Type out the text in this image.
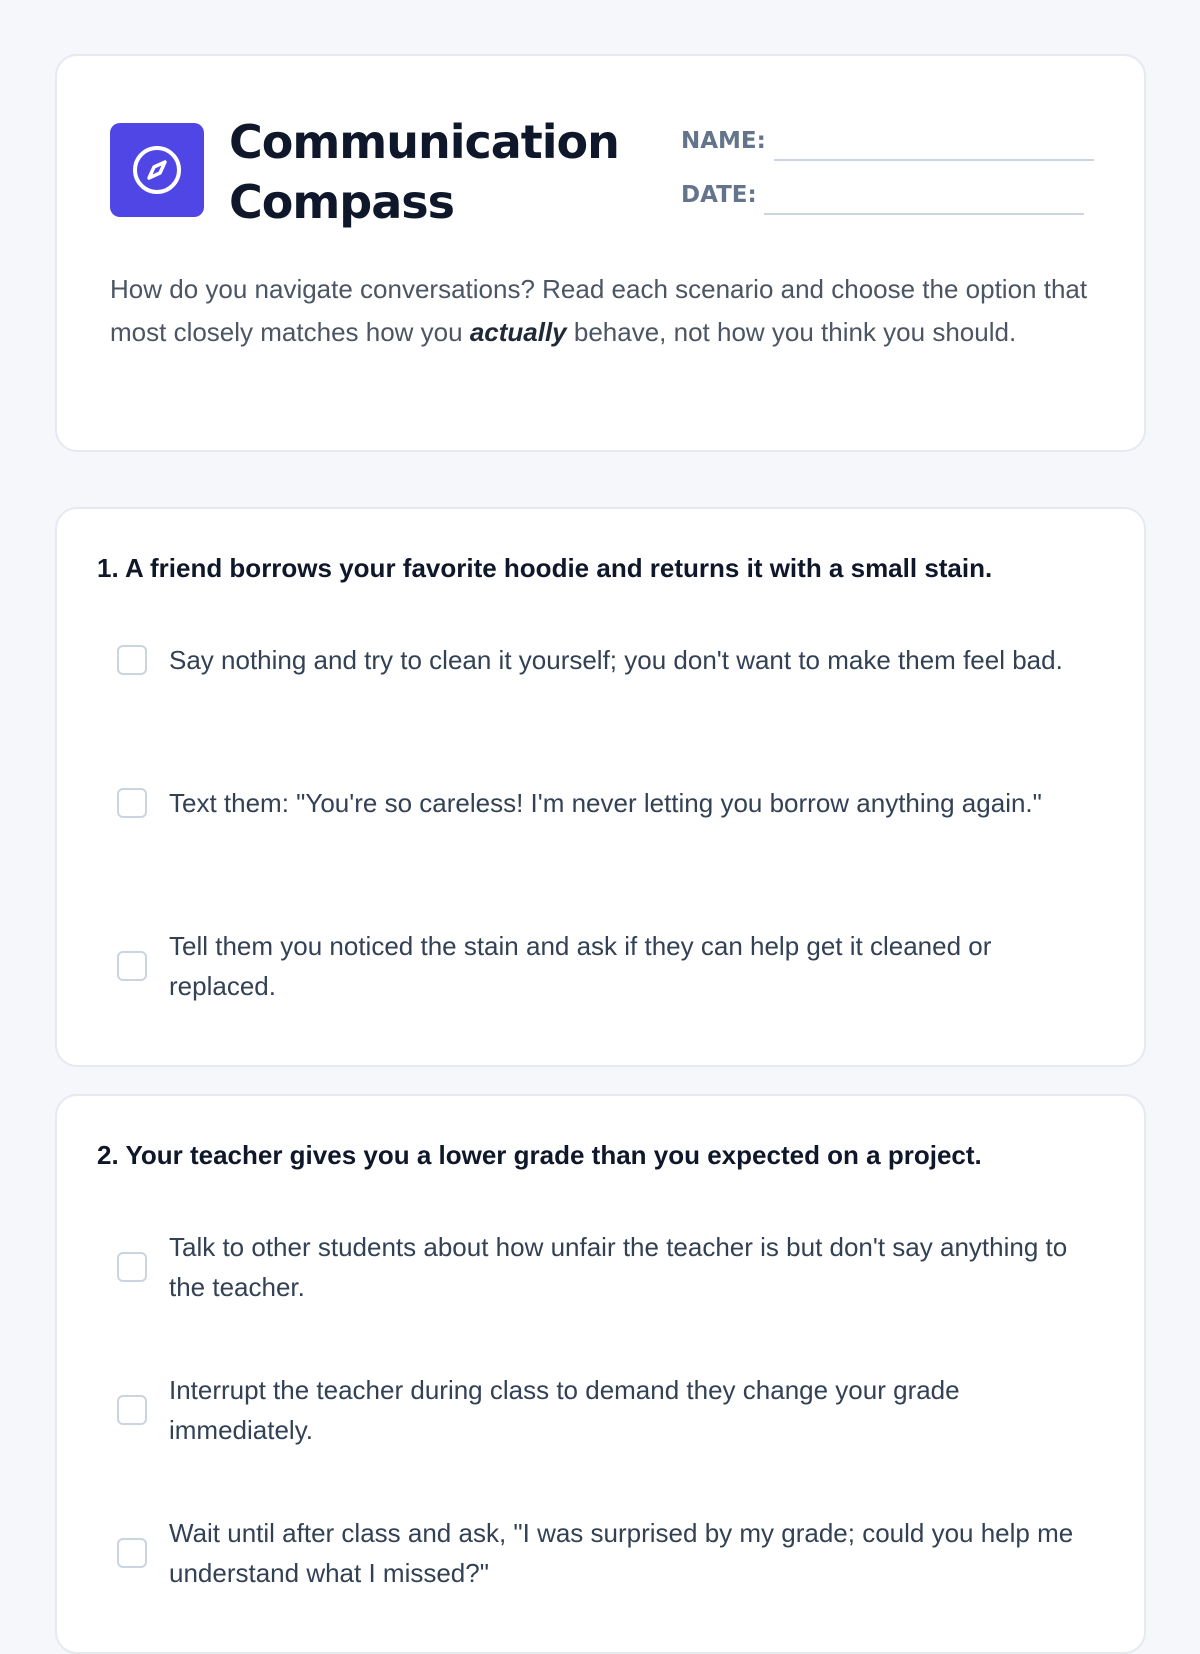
Communication
Compass
NAME:
DATE:

How do you navigate conversations? Read each scenario and choose the option that most closely matches how you actually behave, not how you think you should.

1. A friend borrows your favorite hoodie and returns it with a small stain.
Say nothing and try to clean it yourself; you don't want to make them feel bad.
Text them: "You're so careless! I'm never letting you borrow anything again."
Tell them you noticed the stain and ask if they can help get it cleaned or replaced.
2. Your teacher gives you a lower grade than you expected on a project.
Talk to other students about how unfair the teacher is but don't say anything to the teacher.
Interrupt the teacher during class to demand they change your grade immediately.
Wait until after class and ask, "I was surprised by my grade; could you help me understand what I missed?"
